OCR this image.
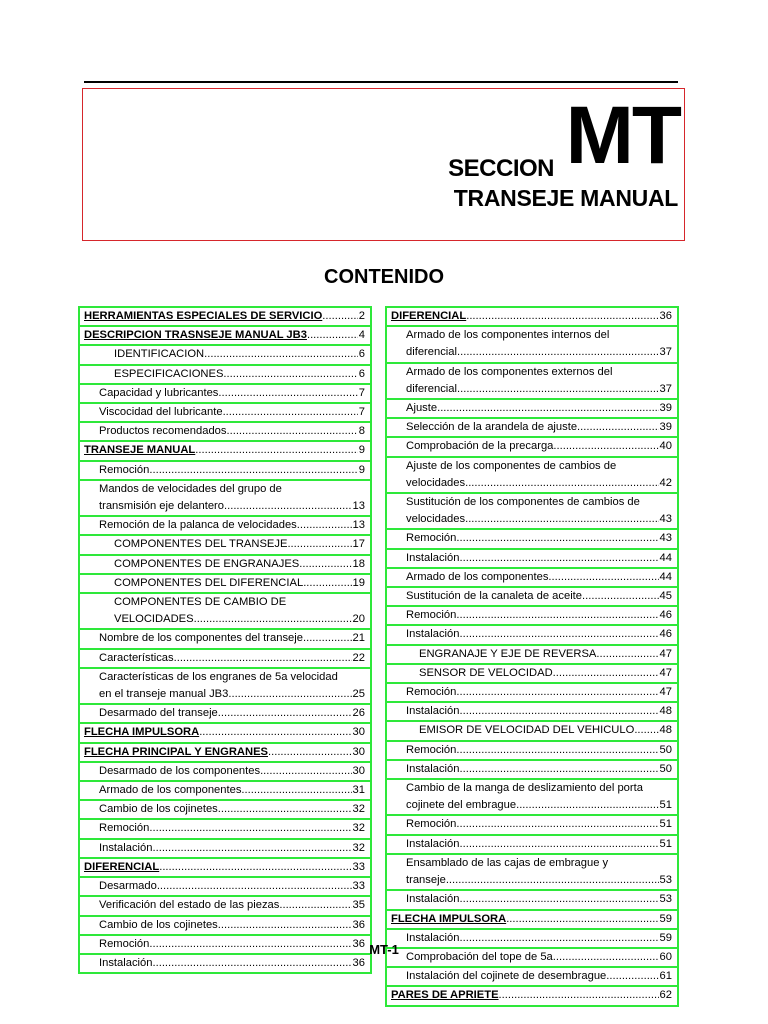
SECCION MT
TRANSEJE MANUAL
CONTENIDO
HERRAMIENTAS ESPECIALES DE SERVICIO .....	2
DESCRIPCION TRASNSEJE MANUAL JB3 .....	4
IDENTIFICACION .....	6
ESPECIFICACIONES .....	6
Capacidad y lubricantes .....	7
Viscocidad del lubricante .....	7
Productos recomendados .....	8
TRANSEJE MANUAL .....	9
Remoción .....	9
Mandos de velocidades del grupo de
transmisión eje delantero .....	13
Remoción de la palanca de velocidades .....	13
COMPONENTES DEL TRANSEJE .....	17
COMPONENTES DE ENGRANAJES .....	18
COMPONENTES DEL DIFERENCIAL .....	19
COMPONENTES DE CAMBIO DE
VELOCIDADES .....	20
Nombre de los componentes del transeje .....	21
Características .....	22
Características de los engranes de 5a velocidad
en el transeje manual JB3 .....	25
Desarmado del transeje .....	26
FLECHA IMPULSORA .....	30
FLECHA PRINCIPAL Y ENGRANES .....	30
Desarmado de los componentes .....	30
Armado de los componentes .....	31
Cambio de los cojinetes .....	32
Remoción .....	32
Instalación .....	32
DIFERENCIAL .....	33
Desarmado .....	33
Verificación del estado de las piezas .....	35
Cambio de los cojinetes .....	36
Remoción .....	36
Instalación .....	36
DIFERENCIAL .....	36
Armado de los componentes internos del
diferencial .....	37
Armado de los componentes externos del
diferencial .....	37
Ajuste .....	39
Selección de la arandela de ajuste .....	39
Comprobación de la precarga .....	40
Ajuste de los componentes de cambios de
velocidades .....	42
Sustitución de los componentes de cambios de
velocidades .....	43
Remoción .....	43
Instalación .....	44
Armado de los componentes .....	44
Sustitución de la canaleta de aceite .....	45
Remoción .....	46
Instalación .....	46
ENGRANAJE Y EJE DE REVERSA .....	47
SENSOR DE VELOCIDAD .....	47
Remoción .....	47
Instalación .....	48
EMISOR DE VELOCIDAD DEL VEHICULO ..... 48
Remoción .....	50
Instalación .....	50
Cambio de la manga de deslizamiento del porta
cojinete del embrague .....	51
Remoción .....	51
Instalación .....	51
Ensamblado de las cajas de embrague y
transeje .....	53
Instalación .....	53
FLECHA IMPULSORA .....	59
Instalación .....	59
Comprobación del tope de 5a .....	60
Instalación del cojinete de desembrague .....	61
PARES DE APRIETE .....	62
MT-1
